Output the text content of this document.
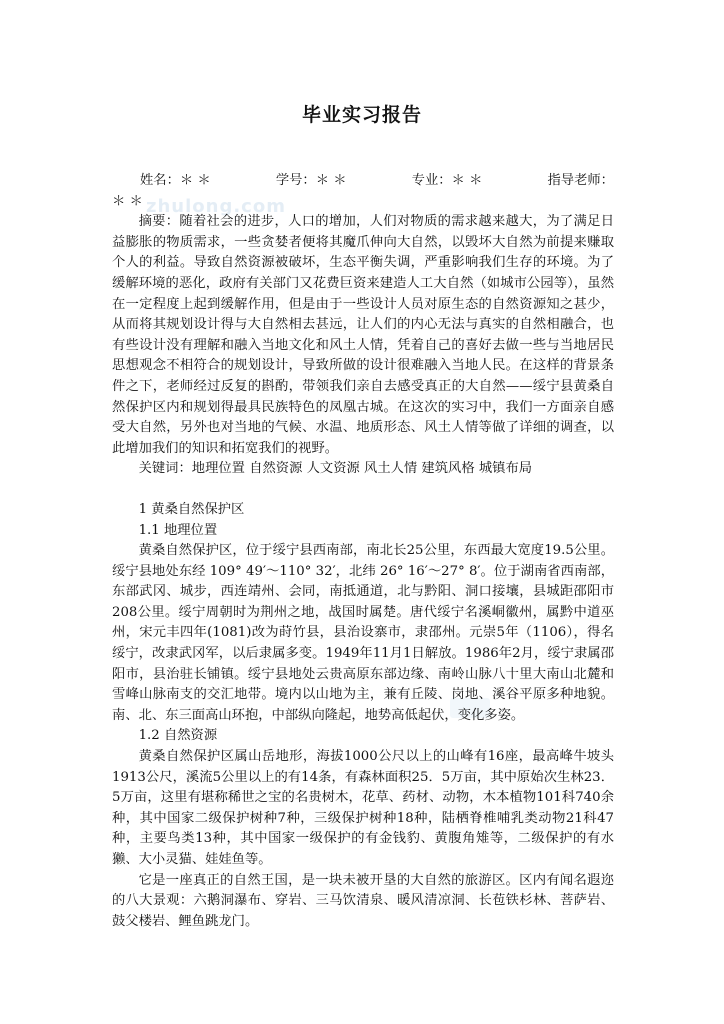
毕业实习报告
zhulong.com
姓名：＊ ＊	学号：＊ ＊	专业：＊ ＊	指导老师：

＊ ＊

摘要：随着社会的进步，人口的增加，人们对物质的需求越来越大，为了满足日益膨胀的物质需求，一些贪婪者便将其魔爪伸向大自然，以毁坏大自然为前提来赚取个人的利益。导致自然资源被破坏，生态平衡失调，严重影响我们生存的环境。为了缓解环境的恶化，政府有关部门又花费巨资来建造人工大自然（如城市公园等），虽然在一定程度上起到缓解作用，但是由于一些设计人员对原生态的自然资源知之甚少，从而将其规划设计得与大自然相去甚远，让人们的内心无法与真实的自然相融合，也有些设计没有理解和融入当地文化和风土人情，凭着自己的喜好去做一些与当地居民思想观念不相符合的规划设计，导致所做的设计很难融入当地人民。在这样的背景条件之下，老师经过反复的斟酌，带领我们亲自去感受真正的大自然——绥宁县黄桑自然保护区内和规划得最具民族特色的凤凰古城。在这次的实习中，我们一方面亲自感受大自然，另外也对当地的气候、水温、地质形态、风土人情等做了详细的调查，以此增加我们的知识和拓宽我们的视野。

关键词：地理位置 自然资源 人文资源 风土人情 建筑风格 城镇布局

1 黄桑自然保护区

1.1 地理位置

黄桑自然保护区，位于绥宁县西南部，南北长25公里，东西最大宽度19.5公里。绥宁县地处东经 109° 49′～110° 32′，北纬 26° 16′～27° 8′。位于湖南省西南部，东部武冈、城步，西连靖州、会同，南抵通道，北与黔阳、洞口接壤，县城距邵阳市208公里。绥宁周朝时为荆州之地，战国时属楚。唐代绥宁名溪峒徽州，属黔中道巫州，宋元丰四年(1081)改为莳竹县，县治设寨市，隶邵州。元崇5年（1106），得名绥宁，改隶武冈军，以后隶属多变。1949年11月1日解放。1986年2月，绥宁隶属邵阳市，县治驻长铺镇。绥宁县地处云贵高原东部边缘、南岭山脉八十里大南山北麓和雪峰山脉南支的交汇地带。境内以山地为主，兼有丘陵、岗地、溪谷平原多种地貌。南、北、东三面高山环抱，中部纵向隆起，地势高低起伏，变化多姿。

1.2 自然资源

黄桑自然保护区属山岳地形，海拔1000公尺以上的山峰有16座，最高峰牛坡头1913公尺，溪流5公里以上的有14条，有森林面积25．5万亩，其中原始次生林23．5万亩，这里有堪称稀世之宝的名贵树木，花草、药材、动物，木本植物101科740余种，其中国家二级保护树种7种，三级保护树种18种，陆栖脊椎哺乳类动物21科47种，主要鸟类13种，其中国家一级保护的有金钱豹、黄腹角雉等，二级保护的有水獭、大小灵猫、娃娃鱼等。

它是一座真正的自然王国，是一块未被开垦的大自然的旅游区。区内有闻名遐迩的八大景观：六鹅洞瀑布、穿岩、三马饮清泉、暖风清凉洞、长苞铁杉林、菩萨岩、鼓父楼岩、鲤鱼跳龙门。
